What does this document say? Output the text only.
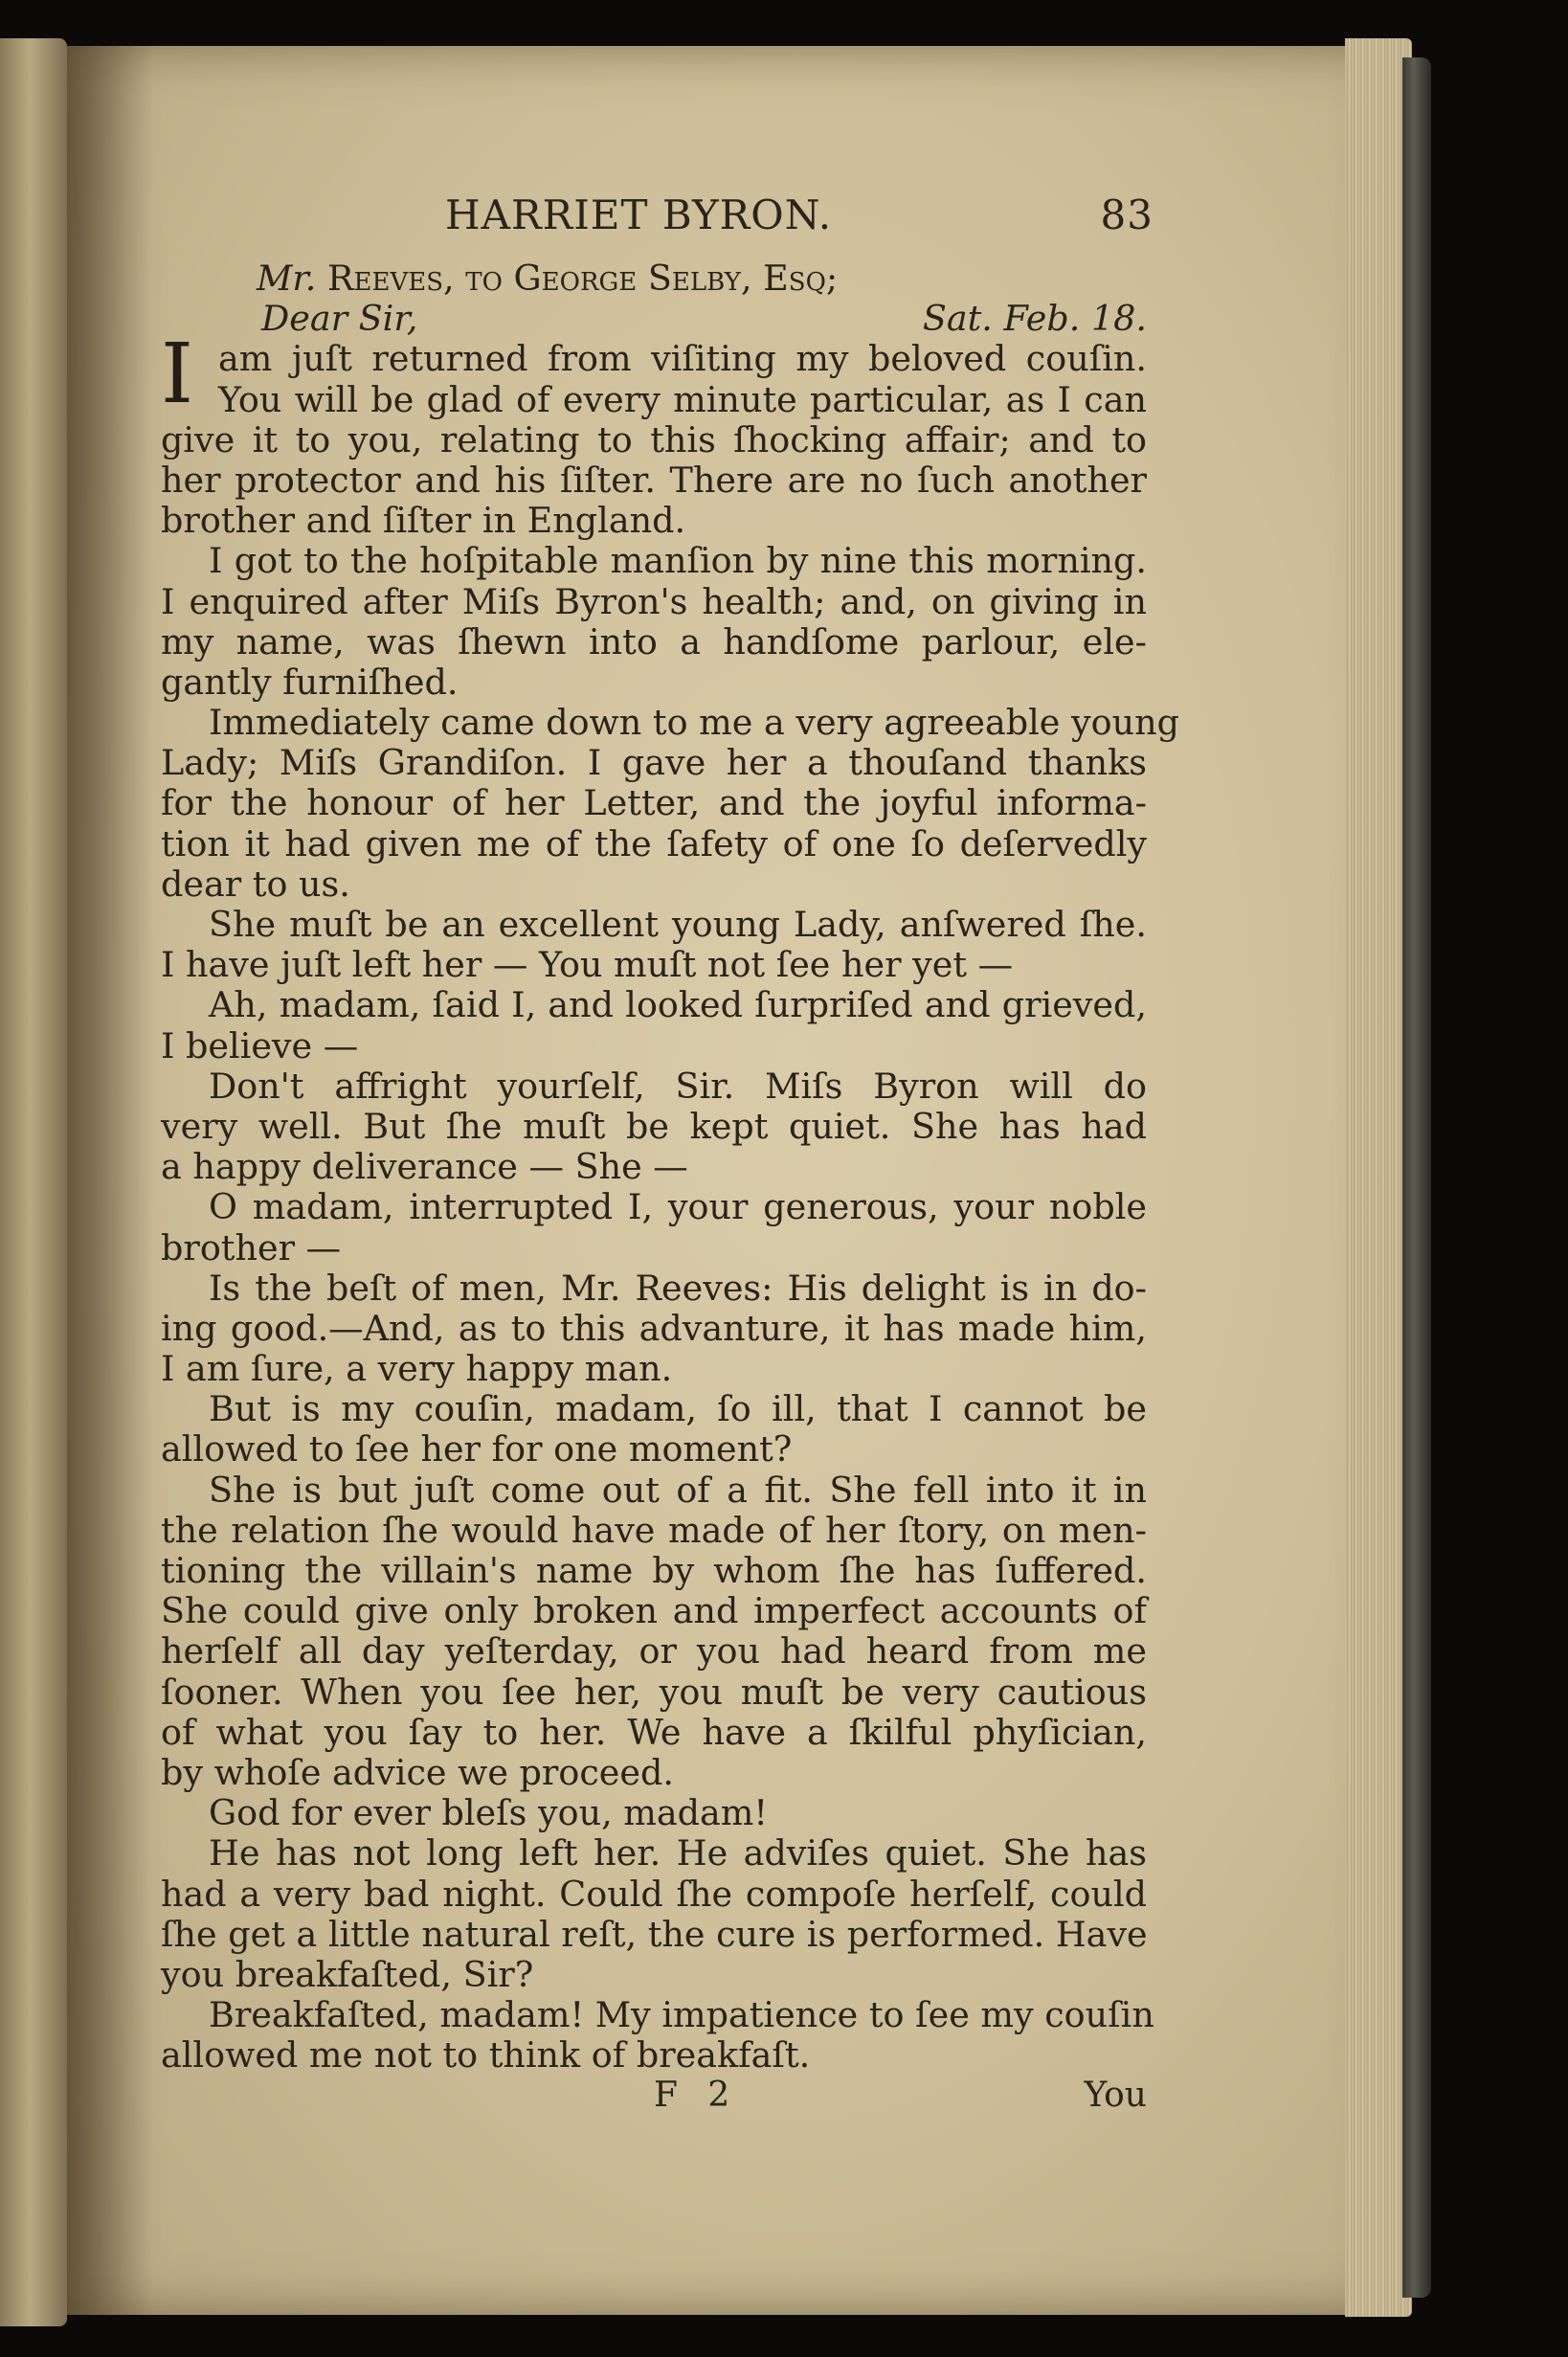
HARRIET BYRON.	83
Mr. Reeves, to George Selby, Esq;
Dear Sir,	Sat. Feb. 18.
I am juſt returned from viſiting my beloved couſin.
You will be glad of every minute particular, as I can
give it to you, relating to this ſhocking affair; and to
her protector and his ſiſter. There are no ſuch another
brother and ſiſter in England.
I got to the hoſpitable manſion by nine this morning.
I enquired after Miſs Byron's health; and, on giving in
my name, was ſhewn into a handſome parlour, ele-
gantly furniſhed.
Immediately came down to me a very agreeable young
Lady; Miſs Grandiſon. I gave her a thouſand thanks
for the honour of her Letter, and the joyful informa-
tion it had given me of the ſafety of one ſo deſervedly
dear to us.
She muſt be an excellent young Lady, anſwered ſhe.
I have juſt left her — You muſt not ſee her yet —
Ah, madam, ſaid I, and looked ſurpriſed and grieved,
I believe —
Don't affright yourſelf, Sir. Miſs Byron will do
very well. But ſhe muſt be kept quiet. She has had
a happy deliverance — She —
O madam, interrupted I, your generous, your noble
brother —
Is the beſt of men, Mr. Reeves: His delight is in do-
ing good.—And, as to this advanture, it has made him,
I am ſure, a very happy man.
But is my couſin, madam, ſo ill, that I cannot be
allowed to ſee her for one moment?
She is but juſt come out of a fit. She fell into it in
the relation ſhe would have made of her ſtory, on men-
tioning the villain's name by whom ſhe has ſuffered.
She could give only broken and imperfect accounts of
herſelf all day yeſterday, or you had heard from me
ſooner. When you ſee her, you muſt be very cautious
of what you ſay to her. We have a ſkilful phyſician,
by whoſe advice we proceed.
God for ever bleſs you, madam!
He has not long left her. He adviſes quiet. She has
had a very bad night. Could ſhe compoſe herſelf, could
ſhe get a little natural reſt, the cure is performed. Have
you breakfaſted, Sir?
Breakfaſted, madam! My impatience to ſee my couſin
allowed me not to think of breakfaſt.
F 2	You
